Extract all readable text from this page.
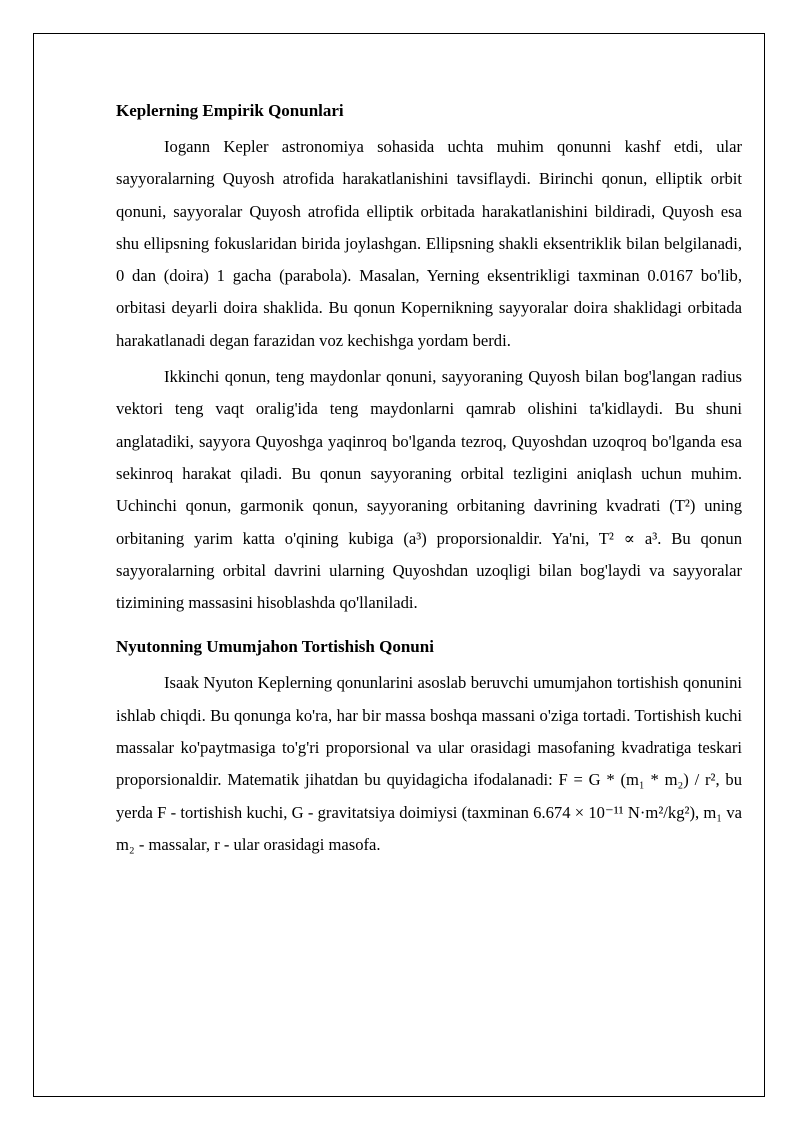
Keplerning Empirik Qonunlari

Iogann Kepler astronomiya sohasida uchta muhim qonunni kashf etdi, ular sayyoralarning Quyosh atrofida harakatlanishini tavsiflaydi. Birinchi qonun, elliptik orbit qonuni, sayyoralar Quyosh atrofida elliptik orbitada harakatlanishini bildiradi, Quyosh esa shu ellipsning fokuslaridan birida joylashgan. Ellipsning shakli eksentriklik bilan belgilanadi, 0 dan (doira) 1 gacha (parabola). Masalan, Yerning eksentrikligi taxminan 0.0167 bo'lib, orbitasi deyarli doira shaklida. Bu qonun Kopernikning sayyoralar doira shaklidagi orbitada harakatlanadi degan farazidan voz kechishga yordam berdi.

Ikkinchi qonun, teng maydonlar qonuni, sayyoraning Quyosh bilan bog'langan radius vektori teng vaqt oralig'ida teng maydonlarni qamrab olishini ta'kidlaydi. Bu shuni anglatadiki, sayyora Quyoshga yaqinroq bo'lganda tezroq, Quyoshdan uzoqroq bo'lganda esa sekinroq harakat qiladi. Bu qonun sayyoraning orbital tezligini aniqlash uchun muhim. Uchinchi qonun, garmonik qonun, sayyoraning orbitaning davrining kvadrati (T²) uning orbitaning yarim katta o'qining kubiga (a³) proporsionaldir. Ya'ni, T² ∝ a³. Bu qonun sayyoralarning orbital davrini ularning Quyoshdan uzoqligi bilan bog'laydi va sayyoralar tizimining massasini hisoblashda qo'llaniladi.

Nyutonning Umumjahon Tortishish Qonuni

Isaak Nyuton Keplerning qonunlarini asoslab beruvchi umumjahon tortishish qonunini ishlab chiqdi. Bu qonunga ko'ra, har bir massa boshqa massani o'ziga tortadi. Tortishish kuchi massalar ko'paytmasiga to'g'ri proporsional va ular orasidagi masofaning kvadratiga teskari proporsionaldir. Matematik jihatdan bu quyidagicha ifodalanadi: F = G * (m₁ * m₂) / r², bu yerda F - tortishish kuchi, G - gravitatsiya doimiysi (taxminan 6.674 × 10⁻¹¹ N·m²/kg²), m₁ va m₂ - massalar, r - ular orasidagi masofa.
